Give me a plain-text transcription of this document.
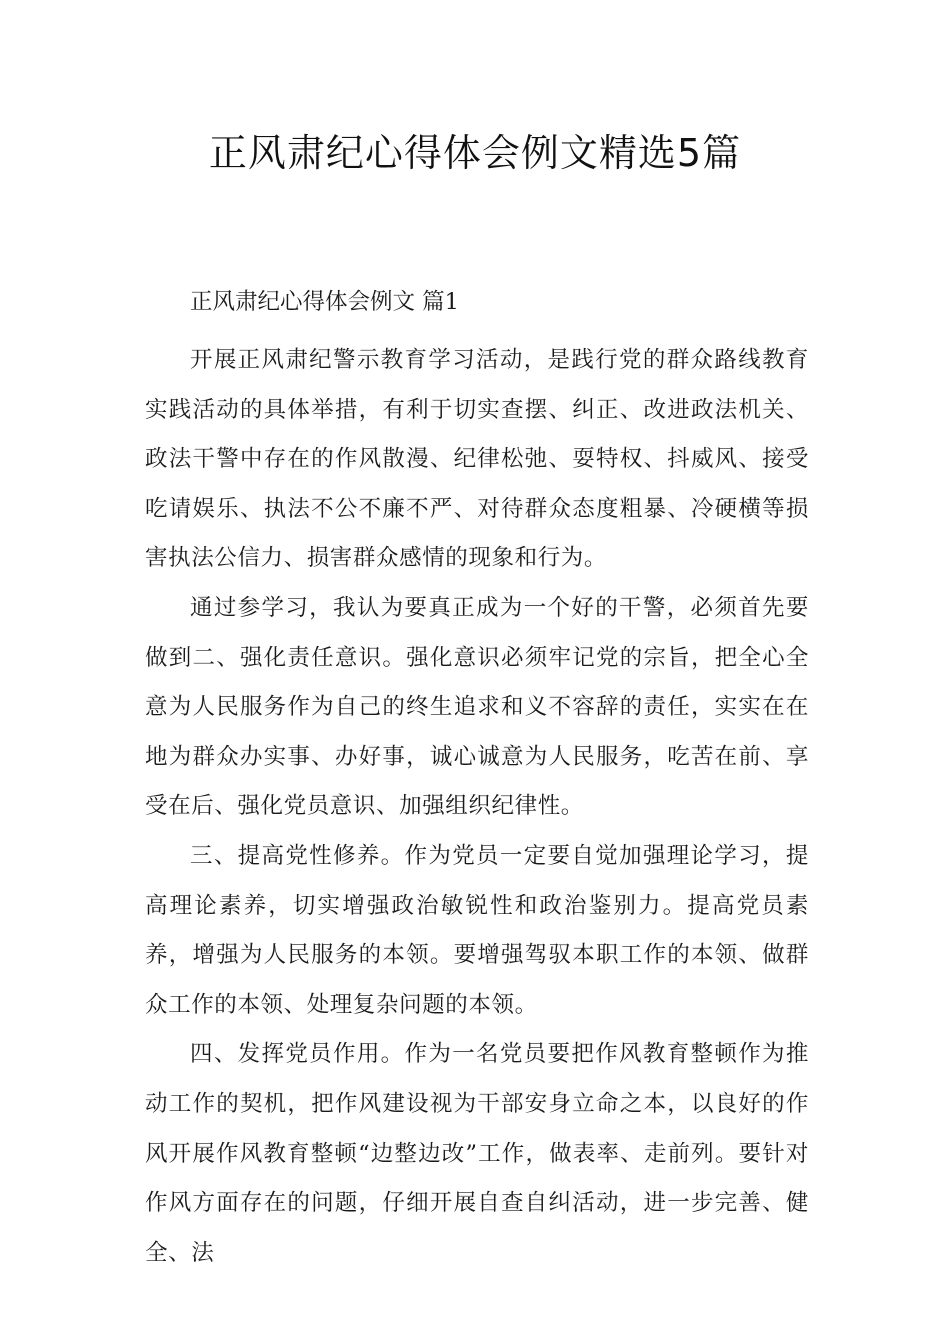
正风肃纪心得体会例文精选5篇

正风肃纪心得体会例文 篇1

开展正风肃纪警示教育学习活动，是践行党的群众路线教育实践活动的具体举措，有利于切实查摆、纠正、改进政法机关、政法干警中存在的作风散漫、纪律松弛、耍特权、抖威风、接受吃请娱乐、执法不公不廉不严、对待群众态度粗暴、冷硬横等损害执法公信力、损害群众感情的现象和行为。

通过参学习，我认为要真正成为一个好的干警，必须首先要做到二、强化责任意识。强化意识必须牢记党的宗旨，把全心全意为人民服务作为自己的终生追求和义不容辞的责任，实实在在地为群众办实事、办好事，诚心诚意为人民服务，吃苦在前、享受在后、强化党员意识、加强组织纪律性。

三、提高党性修养。作为党员一定要自觉加强理论学习，提高理论素养，切实增强政治敏锐性和政治鉴别力。提高党员素养，增强为人民服务的本领。要增强驾驭本职工作的本领、做群众工作的本领、处理复杂问题的本领。

四、发挥党员作用。作为一名党员要把作风教育整顿作为推动工作的契机，把作风建设视为干部安身立命之本，以良好的作风开展作风教育整顿“边整边改”工作，做表率、走前列。要针对作风方面存在的问题，仔细开展自查自纠活动，进一步完善、健全、法
